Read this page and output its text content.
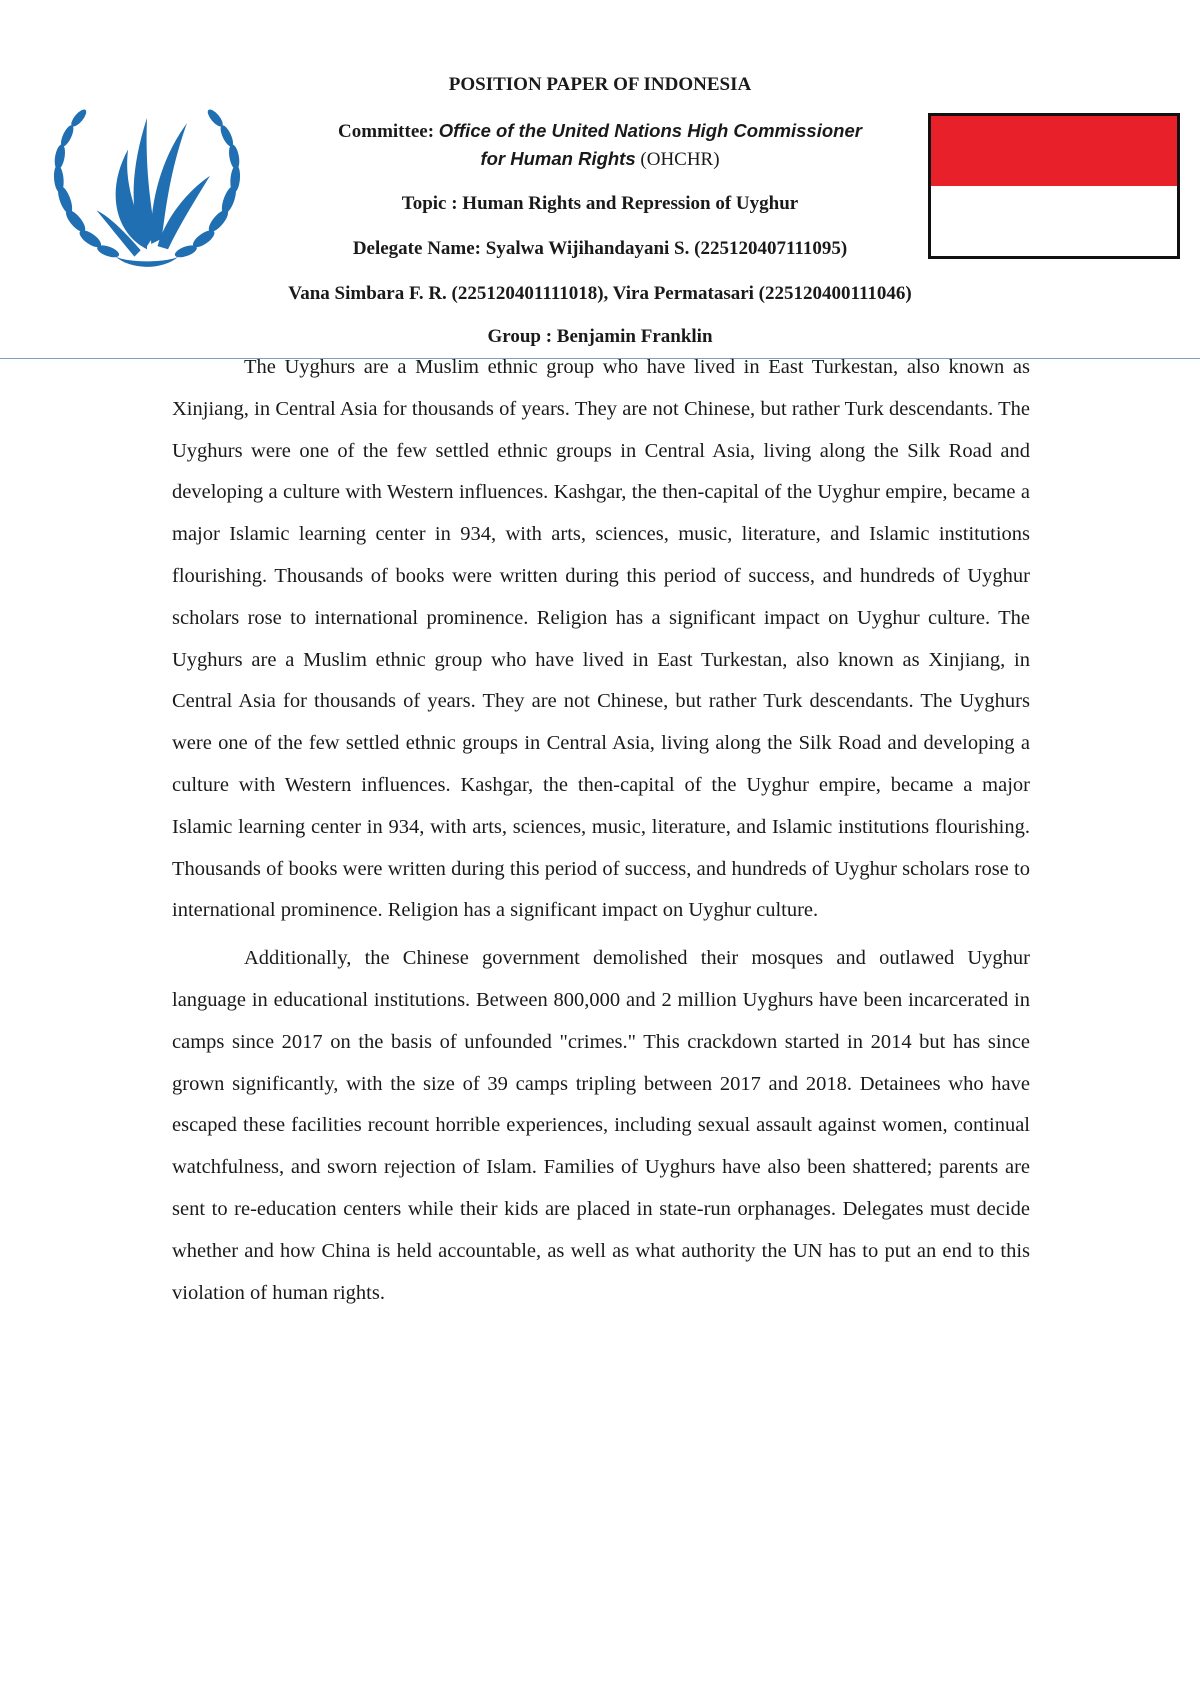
POSITION PAPER OF INDONESIA
Committee: Office of the United Nations High Commissioner
for Human Rights (OHCHR)
Topic : Human Rights and Repression of Uyghur
Delegate Name: Syalwa Wijihandayani S. (225120407111095)
Vana Simbara F. R. (225120401111018), Vira Permatasari (225120400111046)
Group : Benjamin Franklin

The Uyghurs are a Muslim ethnic group who have lived in East Turkestan, also known as Xinjiang, in Central Asia for thousands of years. They are not Chinese, but rather Turk descendants. The Uyghurs were one of the few settled ethnic groups in Central Asia, living along the Silk Road and developing a culture with Western influences. Kashgar, the then-capital of the Uyghur empire, became a major Islamic learning center in 934, with arts, sciences, music, literature, and Islamic institutions flourishing. Thousands of books were written during this period of success, and hundreds of Uyghur scholars rose to international prominence. Religion has a significant impact on Uyghur culture. The Uyghurs are a Muslim ethnic group who have lived in East Turkestan, also known as Xinjiang, in Central Asia for thousands of years. They are not Chinese, but rather Turk descendants. The Uyghurs were one of the few settled ethnic groups in Central Asia, living along the Silk Road and developing a culture with Western influences. Kashgar, the then-capital of the Uyghur empire, became a major Islamic learning center in 934, with arts, sciences, music, literature, and Islamic institutions flourishing. Thousands of books were written during this period of success, and hundreds of Uyghur scholars rose to international prominence. Religion has a significant impact on Uyghur culture.

Additionally, the Chinese government demolished their mosques and outlawed Uyghur language in educational institutions. Between 800,000 and 2 million Uyghurs have been incarcerated in camps since 2017 on the basis of unfounded "crimes." This crackdown started in 2014 but has since grown significantly, with the size of 39 camps tripling between 2017 and 2018. Detainees who have escaped these facilities recount horrible experiences, including sexual assault against women, continual watchfulness, and sworn rejection of Islam. Families of Uyghurs have also been shattered; parents are sent to re-education centers while their kids are placed in state-run orphanages. Delegates must decide whether and how China is held accountable, as well as what authority the UN has to put an end to this violation of human rights.
